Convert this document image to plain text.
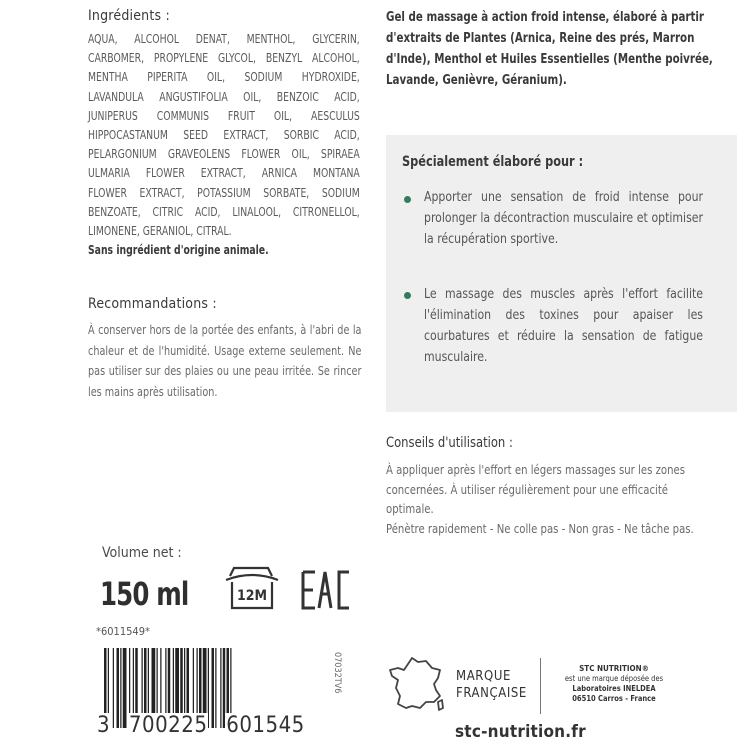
Ingrédients :
AQUA, ALCOHOL DENAT, MENTHOL, GLYCERIN,
CARBOMER, PROPYLENE GLYCOL, BENZYL ALCOHOL,
MENTHA PIPERITA OIL, SODIUM HYDROXIDE,
LAVANDULA ANGUSTIFOLIA OIL, BENZOIC ACID,
JUNIPERUS COMMUNIS FRUIT OIL, AESCULUS
HIPPOCASTANUM SEED EXTRACT, SORBIC ACID,
PELARGONIUM GRAVEOLENS FLOWER OIL, SPIRAEA
ULMARIA FLOWER EXTRACT, ARNICA MONTANA
FLOWER EXTRACT, POTASSIUM SORBATE, SODIUM
BENZOATE, CITRIC ACID, LINALOOL, CITRONELLOL,
LIMONENE, GERANIOL, CITRAL.
Sans ingrédient d'origine animale.
Recommandations :
À conserver hors de la portée des enfants, à l'abri de la chaleur et de l'humidité. Usage externe seulement. Ne pas utiliser sur des plaies ou une peau irritée. Se rincer les mains après utilisation.
Volume net :
150 ml	12M
*6011549*
3 700225 601545
07032TV6
Gel de massage à action froid intense, élaboré à partir d'extraits de Plantes (Arnica, Reine des prés, Marron d'Inde), Menthol et Huiles Essentielles (Menthe poivrée, Lavande, Genièvre, Géranium).
Spécialement élaboré pour :
Apporter une sensation de froid intense pour prolonger la décontraction musculaire et optimiser la récupération sportive.
Le massage des muscles après l'effort facilite l'élimination des toxines pour apaiser les courbatures et réduire la sensation de fatigue musculaire.
Conseils d'utilisation :
À appliquer après l'effort en légers massages sur les zones concernées. À utiliser régulièrement pour une efficacité optimale.
Pénètre rapidement - Ne colle pas - Non gras - Ne tâche pas.
MARQUE
FRANÇAISE
STC NUTRITION®
est une marque déposée des
Laboratoires INELDEA
06510 Carros - France
stc-nutrition.fr
